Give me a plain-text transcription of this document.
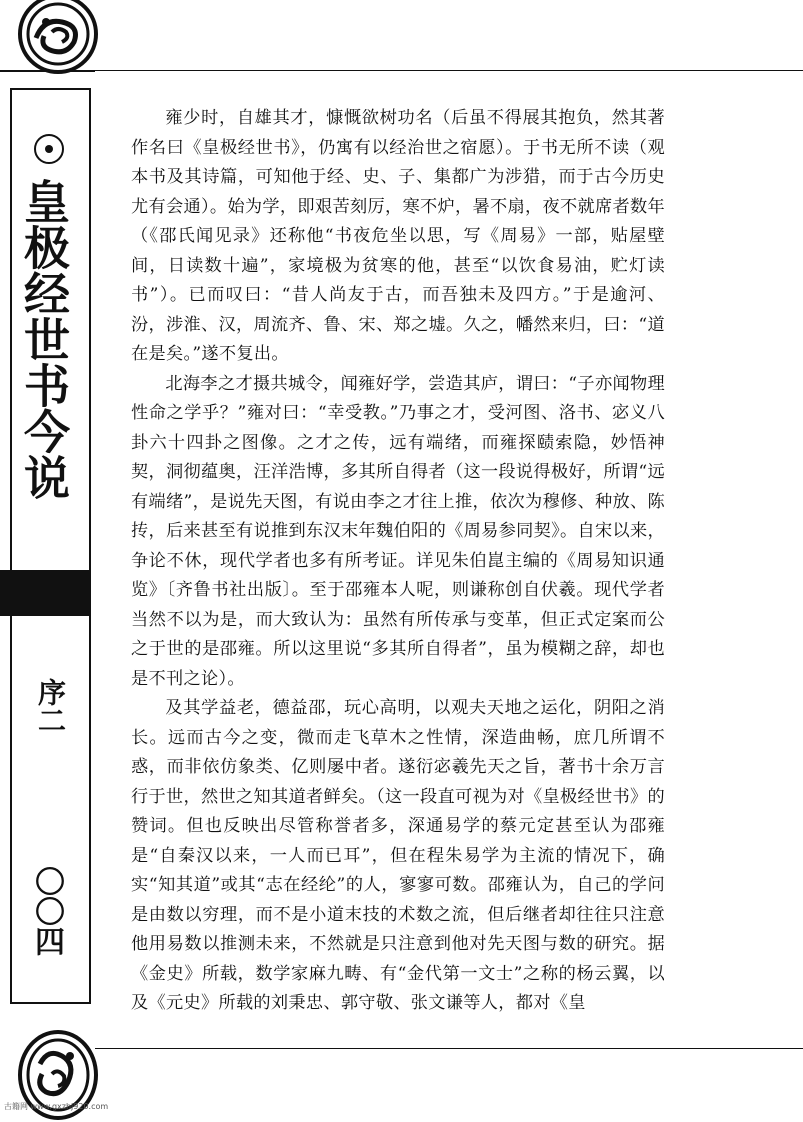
皇极经世书今说
序二
〇〇四

雍少时，自雄其才，慷慨欲树功名（后虽不得展其抱负，然其著作名曰《皇极经世书》，仍寓有以经治世之宿愿）。于书无所不读（观本书及其诗篇，可知他于经、史、子、集都广为涉猎，而于古今历史尤有会通）。始为学，即艰苦刻厉，寒不炉，暑不扇，夜不就席者数年（《邵氏闻见录》还称他“书夜危坐以思，写《周易》一部，贴屋壁间，日读数十遍”，家境极为贫寒的他，甚至“以饮食易油，贮灯读书”）。已而叹曰：“昔人尚友于古，而吾独未及四方。”于是逾河、汾，涉淮、汉，周流齐、鲁、宋、郑之墟。久之，幡然来归，曰：“道在是矣。”遂不复出。

北海李之才摄共城令，闻雍好学，尝造其庐，谓曰：“子亦闻物理性命之学乎？”雍对曰：“幸受教。”乃事之才，受河图、洛书、宓义八卦六十四卦之图像。之才之传，远有端绪，而雍探赜索隐，妙悟神契，洞彻蕴奥，汪洋浩博，多其所自得者（这一段说得极好，所谓“远有端绪”，是说先天图，有说由李之才往上推，依次为穆修、种放、陈抟，后来甚至有说推到东汉末年魏伯阳的《周易参同契》。自宋以来，争论不休，现代学者也多有所考证。详见朱伯崑主编的《周易知识通览》〔齐鲁书社出版〕。至于邵雍本人呢，则谦称创自伏羲。现代学者当然不以为是，而大致认为：虽然有所传承与变革，但正式定案而公之于世的是邵雍。所以这里说“多其所自得者”，虽为模糊之辞，却也是不刊之论）。

及其学益老，德益邵，玩心高明，以观夫天地之运化，阴阳之消长。远而古今之变，微而走飞草木之性情，深造曲畅，庶几所谓不惑，而非依仿象类、亿则屡中者。遂衍宓羲先天之旨，著书十余万言行于世，然世之知其道者鲜矣。（这一段直可视为对《皇极经世书》的赞词。但也反映出尽管称誉者多，深通易学的蔡元定甚至认为邵雍是“自秦汉以来，一人而已耳”，但在程朱易学为主流的情况下，确实“知其道”或其“志在经纶”的人，寥寥可数。邵雍认为，自己的学问是由数以穷理，而不是小道末技的术数之流，但后继者却往往只注意他用易数以推测未来，不然就是只注意到他对先天图与数的研究。据《金史》所载，数学家麻九畴、有“金代第一文士”之称的杨云翼，以及《元史》所载的刘秉忠、郭守敬、张文谦等人，都对《皇

古籍网 www.gxzhj920.com
